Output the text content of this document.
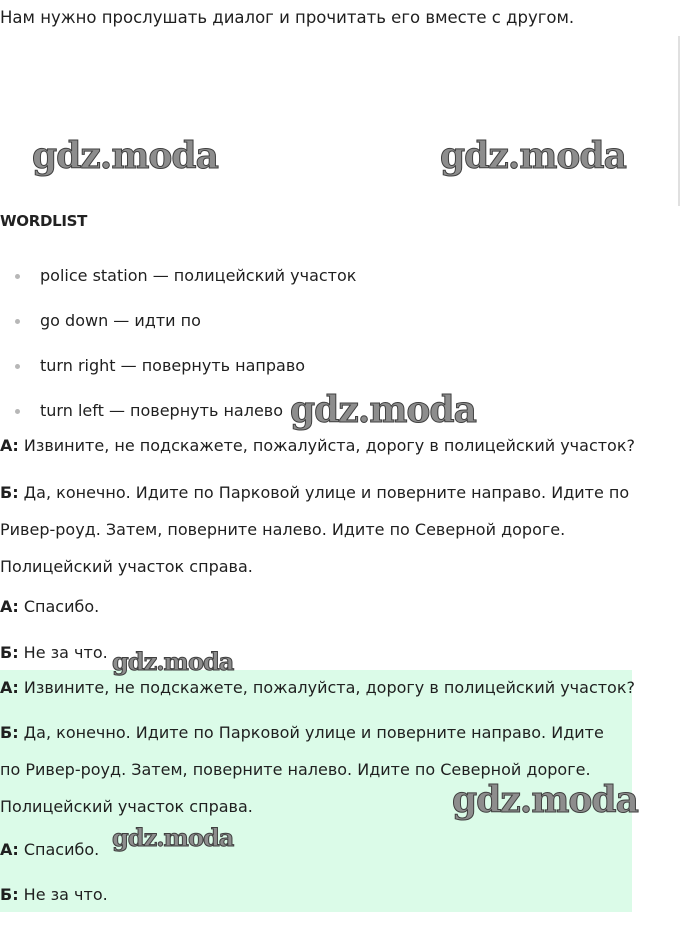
Нам нужно прослушать диалог и прочитать его вместе с другом.

WORDLIST

police station — полицейский участок
go down — идти по
turn right — повернуть направо
turn left — повернуть налево

А: Извините, не подскажете, пожалуйста, дорогу в полицейский участок?

Б: Да, конечно. Идите по Парковой улице и поверните направо. Идите по Ривер-роуд. Затем, поверните налево. Идите по Северной дороге. Полицейский участок справа.

А: Спасибо.

Б: Не за что.

А: Извините, не подскажете, пожалуйста, дорогу в полицейский участок?

Б: Да, конечно. Идите по Парковой улице и поверните направо. Идите по Ривер-роуд. Затем, поверните налево. Идите по Северной дороге. Полицейский участок справа.

А: Спасибо.

Б: Не за что.

gdz.moda	gdz.moda
gdz.moda
gdz.moda
gdz.moda
gdz.moda
